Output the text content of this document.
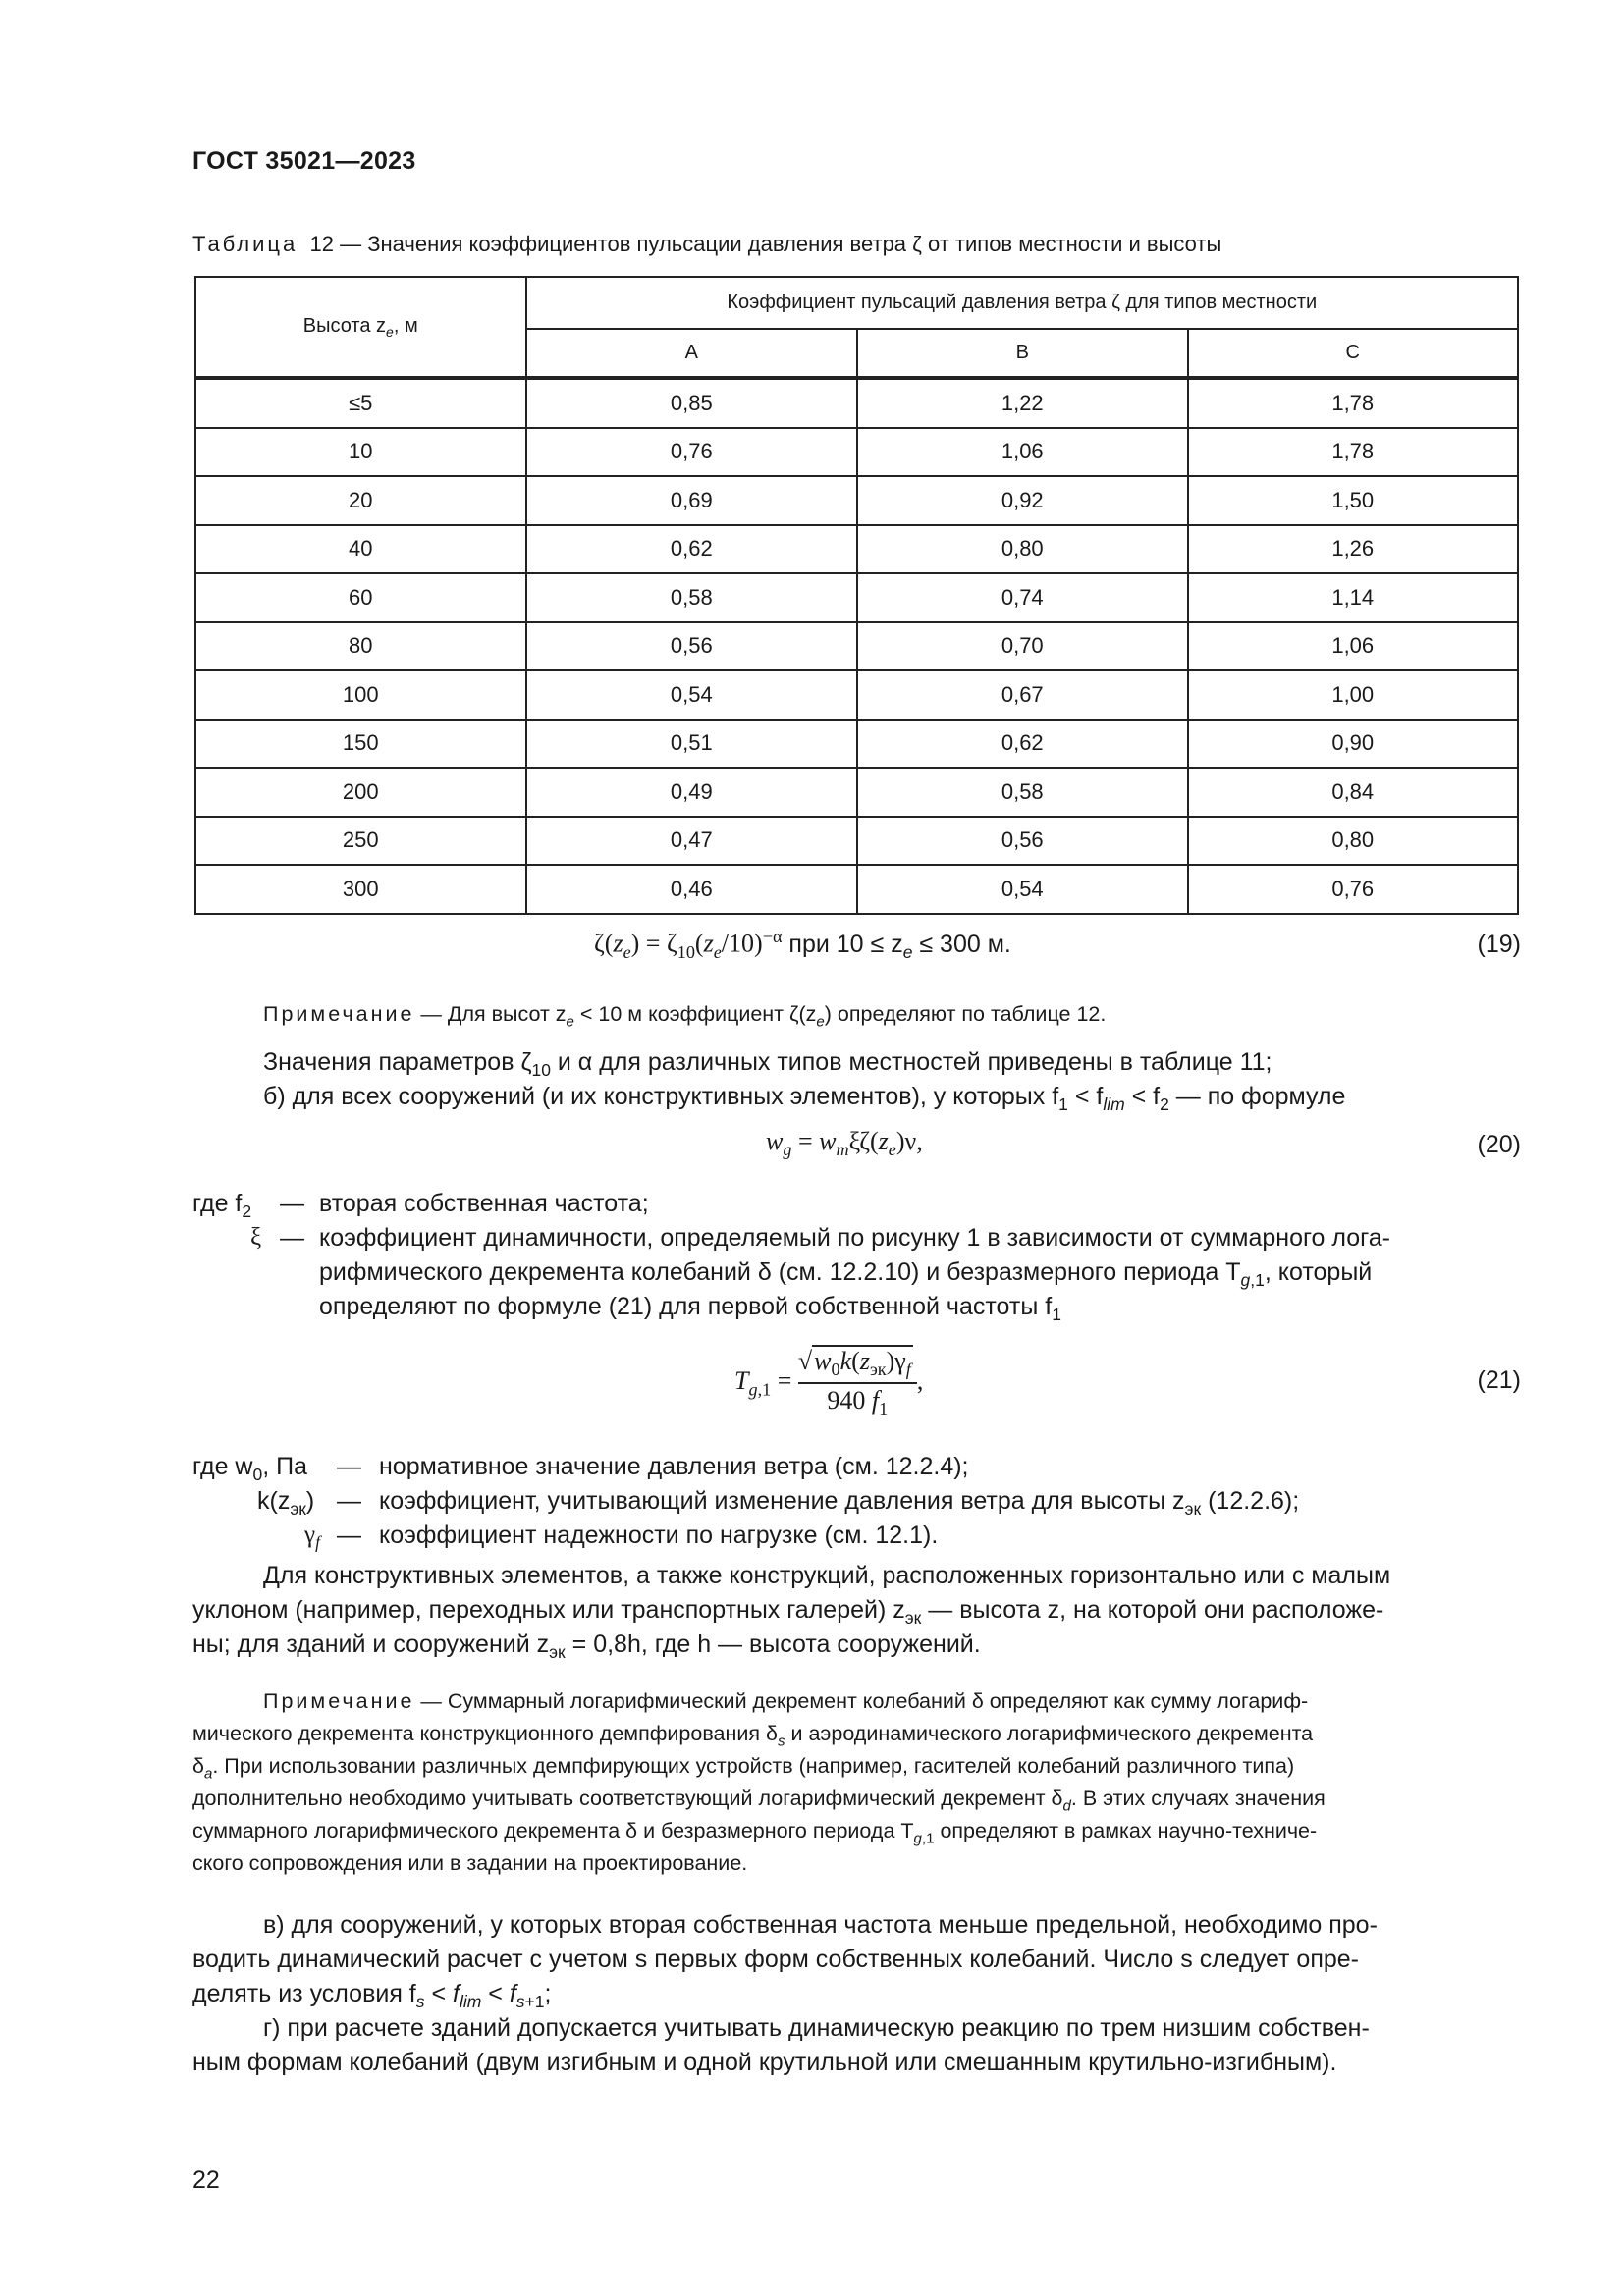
ГОСТ 35021—2023
Таблица 12 — Значения коэффициентов пульсации давления ветра ζ от типов местности и высоты
Высота $z_e$, м	Коэффициент пульсаций давления ветра ζ для типов местности		
	A	B	C
≤5	0,85	1,22	1,78
10	0,76	1,06	1,78
20	0,69	0,92	1,50
40	0,62	0,80	1,26
60	0,58	0,74	1,14
80	0,56	0,70	1,06
100	0,54	0,67	1,00
150	0,51	0,62	0,90
200	0,49	0,58	0,84
250	0,47	0,56	0,80
300	0,46	0,54	0,76
$\zeta(z_e) = \zeta_{10}(z_e/10)^{-\alpha}$ при $10 \le z_e \le 300$ м.	(19)
Примечание — Для высот $z_e < 10$ м коэффициент $\zeta(z_e)$ определяют по таблице 12.
Значения параметров $\zeta_{10}$ и α для различных типов местностей приведены в таблице 11;
б) для всех сооружений (и их конструктивных элементов), у которых $f_1 < f_{lim} < f_2$ — по формуле
$w_g = w_m\xi\zeta(z_e)\nu$,	(20)
где $f_2$ — вторая собственная частота;
ξ — коэффициент динамичности, определяемый по рисунку 1 в зависимости от суммарного лога-
рифмического декремента колебаний δ (см. 12.2.10) и безразмерного периода $T_{g,1}$, который
определяют по формуле (21) для первой собственной частоты $f_1$
$T_{g,1} = \frac{√w_0k(z_{эк})\gamma_f}{940 f_1}$ ,	(21)
где $w_0$, Па — нормативное значение давления ветра (см. 12.2.4);
$k(z_{эк})$ — коэффициент, учитывающий изменение давления ветра для высоты $z_{эк}$ (12.2.6);
$\gamma_f$ — коэффициент надежности по нагрузке (см. 12.1).
Для конструктивных элементов, а также конструкций, расположенных горизонтально или с малым
уклоном (например, переходных или транспортных галерей) $z_{эк}$ — высота z, на которой они расположе-
ны; для зданий и сооружений $z_{эк} = 0,8h$, где h — высота сооружений.
Примечание — Суммарный логарифмический декремент колебаний δ определяют как сумму логариф-
мического декремента конструкционного демпфирования $\delta_s$ и аэродинамического логарифмического декремента
$\delta_a$. При использовании различных демпфирующих устройств (например, гасителей колебаний различного типа)
дополнительно необходимо учитывать соответствующий логарифмический декремент $\delta_d$. В этих случаях значения
суммарного логарифмического декремента δ и безразмерного периода $T_{g,1}$ определяют в рамках научно-техниче-
ского сопровождения или в задании на проектирование.
в) для сооружений, у которых вторая собственная частота меньше предельной, необходимо про-
водить динамический расчет с учетом s первых форм собственных колебаний. Число s следует опре-
делять из условия $f_s < f_{lim} < f_{s+1}$;
г) при расчете зданий допускается учитывать динамическую реакцию по трем низшим собствен-
ным формам колебаний (двум изгибным и одной крутильной или смешанным крутильно-изгибным).
22
